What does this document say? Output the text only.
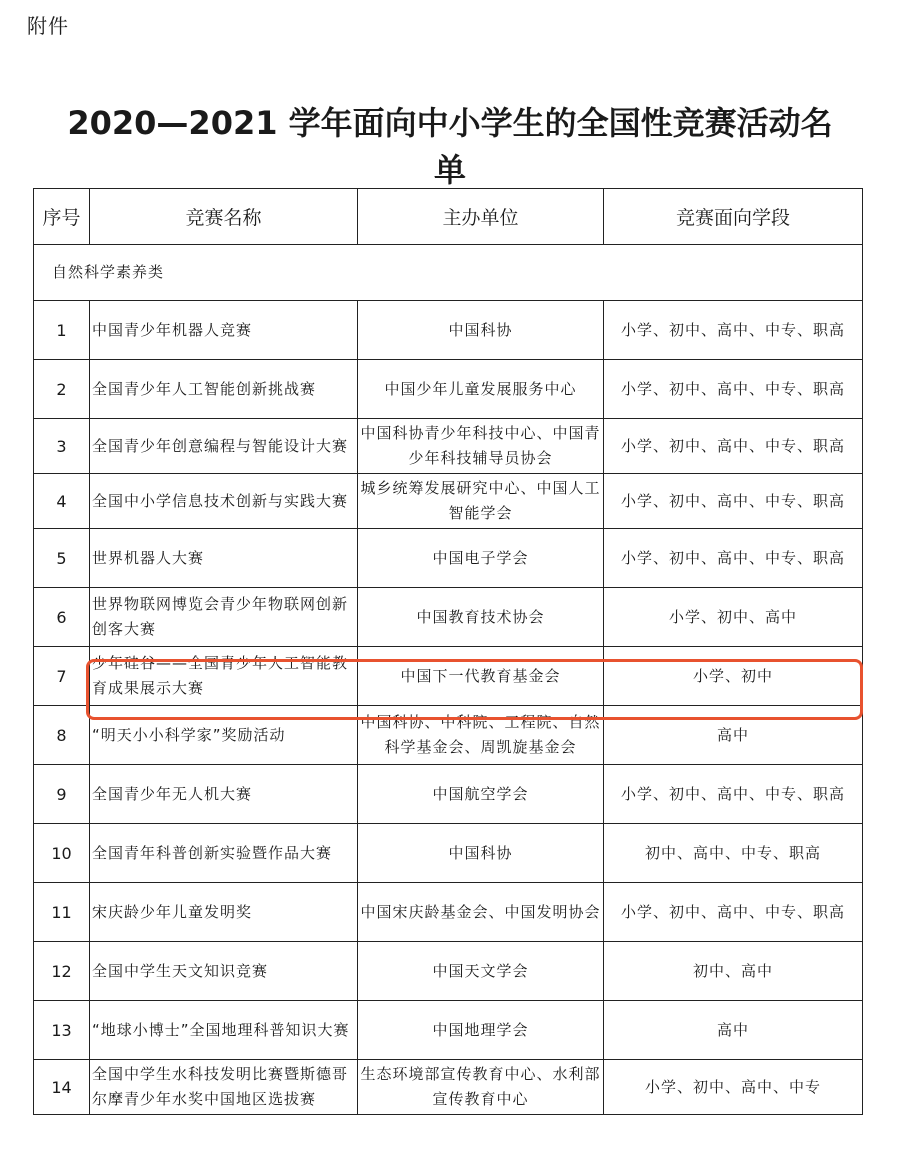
附件
2020—2021 学年面向中小学生的全国性竞赛活动名单
序号	竞赛名称	主办单位	竞赛面向学段
自然科学素养类			
1	中国青少年机器人竞赛	中国科协	小学、初中、高中、中专、职高
2	全国青少年人工智能创新挑战赛	中国少年儿童发展服务中心	小学、初中、高中、中专、职高
3	全国青少年创意编程与智能设计大赛	中国科协青少年科技中心、中国青少年科技辅导员协会	小学、初中、高中、中专、职高
4	全国中小学信息技术创新与实践大赛	城乡统筹发展研究中心、中国人工智能学会	小学、初中、高中、中专、职高
5	世界机器人大赛	中国电子学会	小学、初中、高中、中专、职高
6	世界物联网博览会青少年物联网创新创客大赛	中国教育技术协会	小学、初中、高中
7	少年硅谷——全国青少年人工智能教育成果展示大赛	中国下一代教育基金会	小学、初中
8	“明天小小科学家”奖励活动	中国科协、中科院、工程院、自然科学基金会、周凯旋基金会	高中
9	全国青少年无人机大赛	中国航空学会	小学、初中、高中、中专、职高
10	全国青年科普创新实验暨作品大赛	中国科协	初中、高中、中专、职高
11	宋庆龄少年儿童发明奖	中国宋庆龄基金会、中国发明协会	小学、初中、高中、中专、职高
12	全国中学生天文知识竞赛	中国天文学会	初中、高中
13	“地球小博士”全国地理科普知识大赛	中国地理学会	高中
14	全国中学生水科技发明比赛暨斯德哥尔摩青少年水奖中国地区选拔赛	生态环境部宣传教育中心、水利部宣传教育中心	小学、初中、高中、中专
